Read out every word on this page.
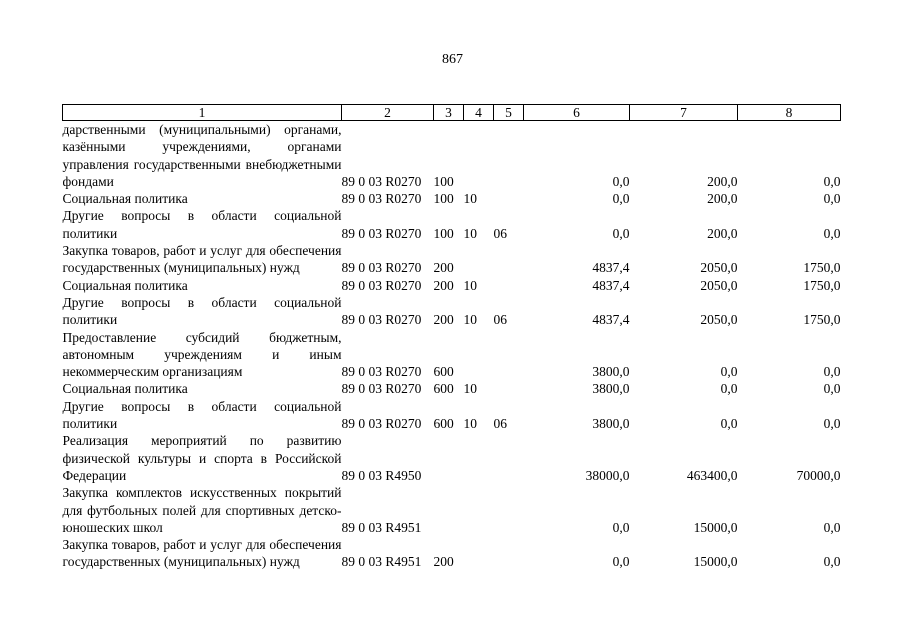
867
1	2	3	4	5	6	7	8
дарственными (муниципальными) органами, казёнными учреждениями, органами управления государственными внебюджетными фондами	89 0 03 R0270	100			0,0	200,0	0,0
Социальная политика	89 0 03 R0270	100	10		0,0	200,0	0,0
Другие вопросы в области социальной политики	89 0 03 R0270	100	10	06	0,0	200,0	0,0
Закупка товаров, работ и услуг для обеспечения государственных (муниципальных) нужд	89 0 03 R0270	200			4837,4	2050,0	1750,0
Социальная политика	89 0 03 R0270	200	10		4837,4	2050,0	1750,0
Другие вопросы в области социальной политики	89 0 03 R0270	200	10	06	4837,4	2050,0	1750,0
Предоставление субсидий бюджетным, автономным учреждениям и иным некоммерческим организациям	89 0 03 R0270	600			3800,0	0,0	0,0
Социальная политика	89 0 03 R0270	600	10		3800,0	0,0	0,0
Другие вопросы в области социальной политики	89 0 03 R0270	600	10	06	3800,0	0,0	0,0
Реализация мероприятий по развитию физической культуры и спорта в Российской Федерации	89 0 03 R4950				38000,0	463400,0	70000,0
Закупка комплектов искусственных покрытий для футбольных полей для спортивных детско-юношеских школ	89 0 03 R4951				0,0	15000,0	0,0
Закупка товаров, работ и услуг для обеспечения государственных (муниципальных) нужд	89 0 03 R4951	200			0,0	15000,0	0,0
